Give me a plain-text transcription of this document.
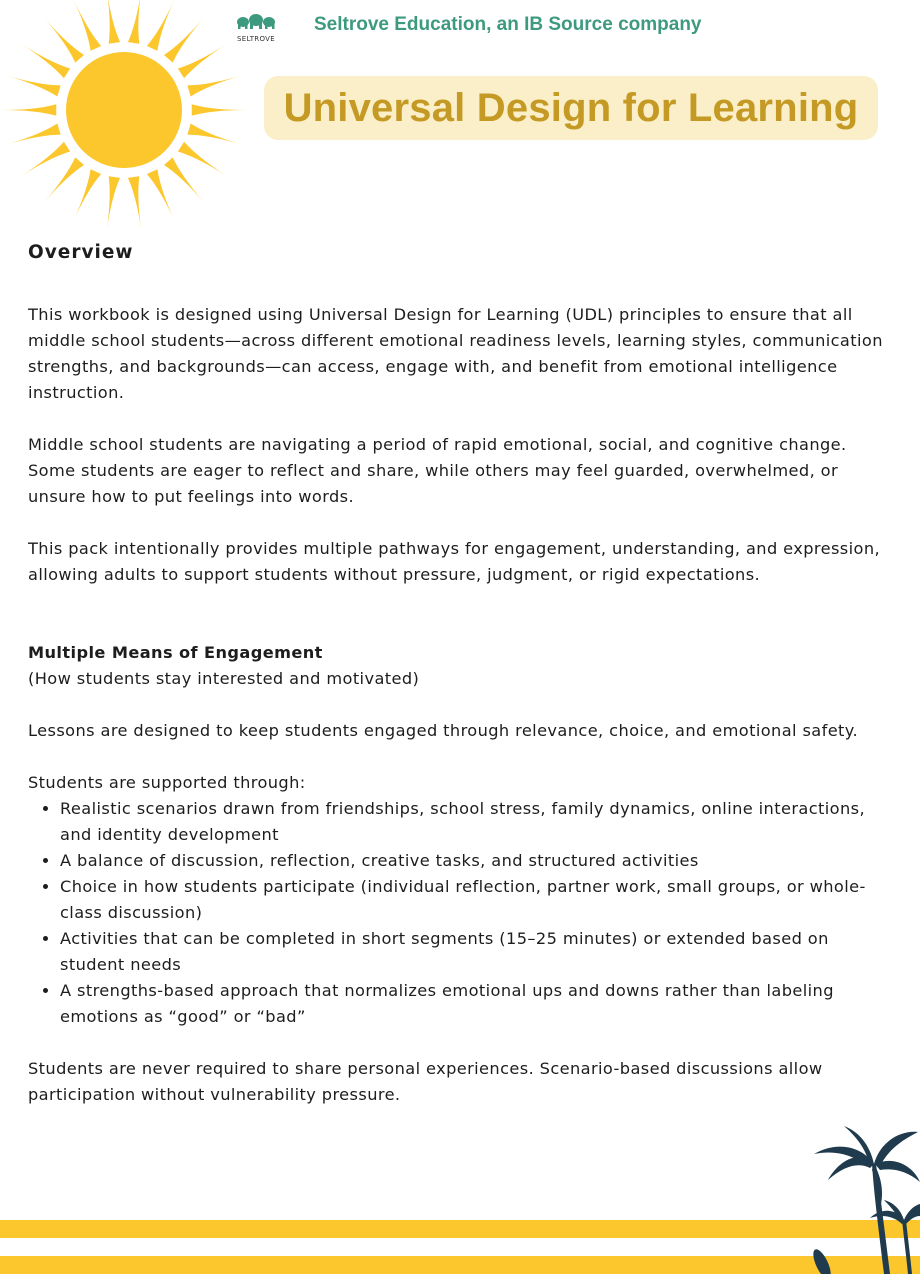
SELTROVE
Seltrove Education, an IB Source company
Universal Design for Learning

Overview

This workbook is designed using Universal Design for Learning (UDL) principles to ensure that all middle school students—across different emotional readiness levels, learning styles, communication strengths, and backgrounds—can access, engage with, and benefit from emotional intelligence instruction.

Middle school students are navigating a period of rapid emotional, social, and cognitive change. Some students are eager to reflect and share, while others may feel guarded, overwhelmed, or unsure how to put feelings into words.

This pack intentionally provides multiple pathways for engagement, understanding, and expression, allowing adults to support students without pressure, judgment, or rigid expectations.

Multiple Means of Engagement

(How students stay interested and motivated)

Lessons are designed to keep students engaged through relevance, choice, and emotional safety.

Students are supported through:

• Realistic scenarios drawn from friendships, school stress, family dynamics, online interactions, and identity development
• A balance of discussion, reflection, creative tasks, and structured activities
• Choice in how students participate (individual reflection, partner work, small groups, or whole-class discussion)
• Activities that can be completed in short segments (15–25 minutes) or extended based on student needs
• A strengths-based approach that normalizes emotional ups and downs rather than labeling emotions as “good” or “bad”

Students are never required to share personal experiences. Scenario-based discussions allow participation without vulnerability pressure.
